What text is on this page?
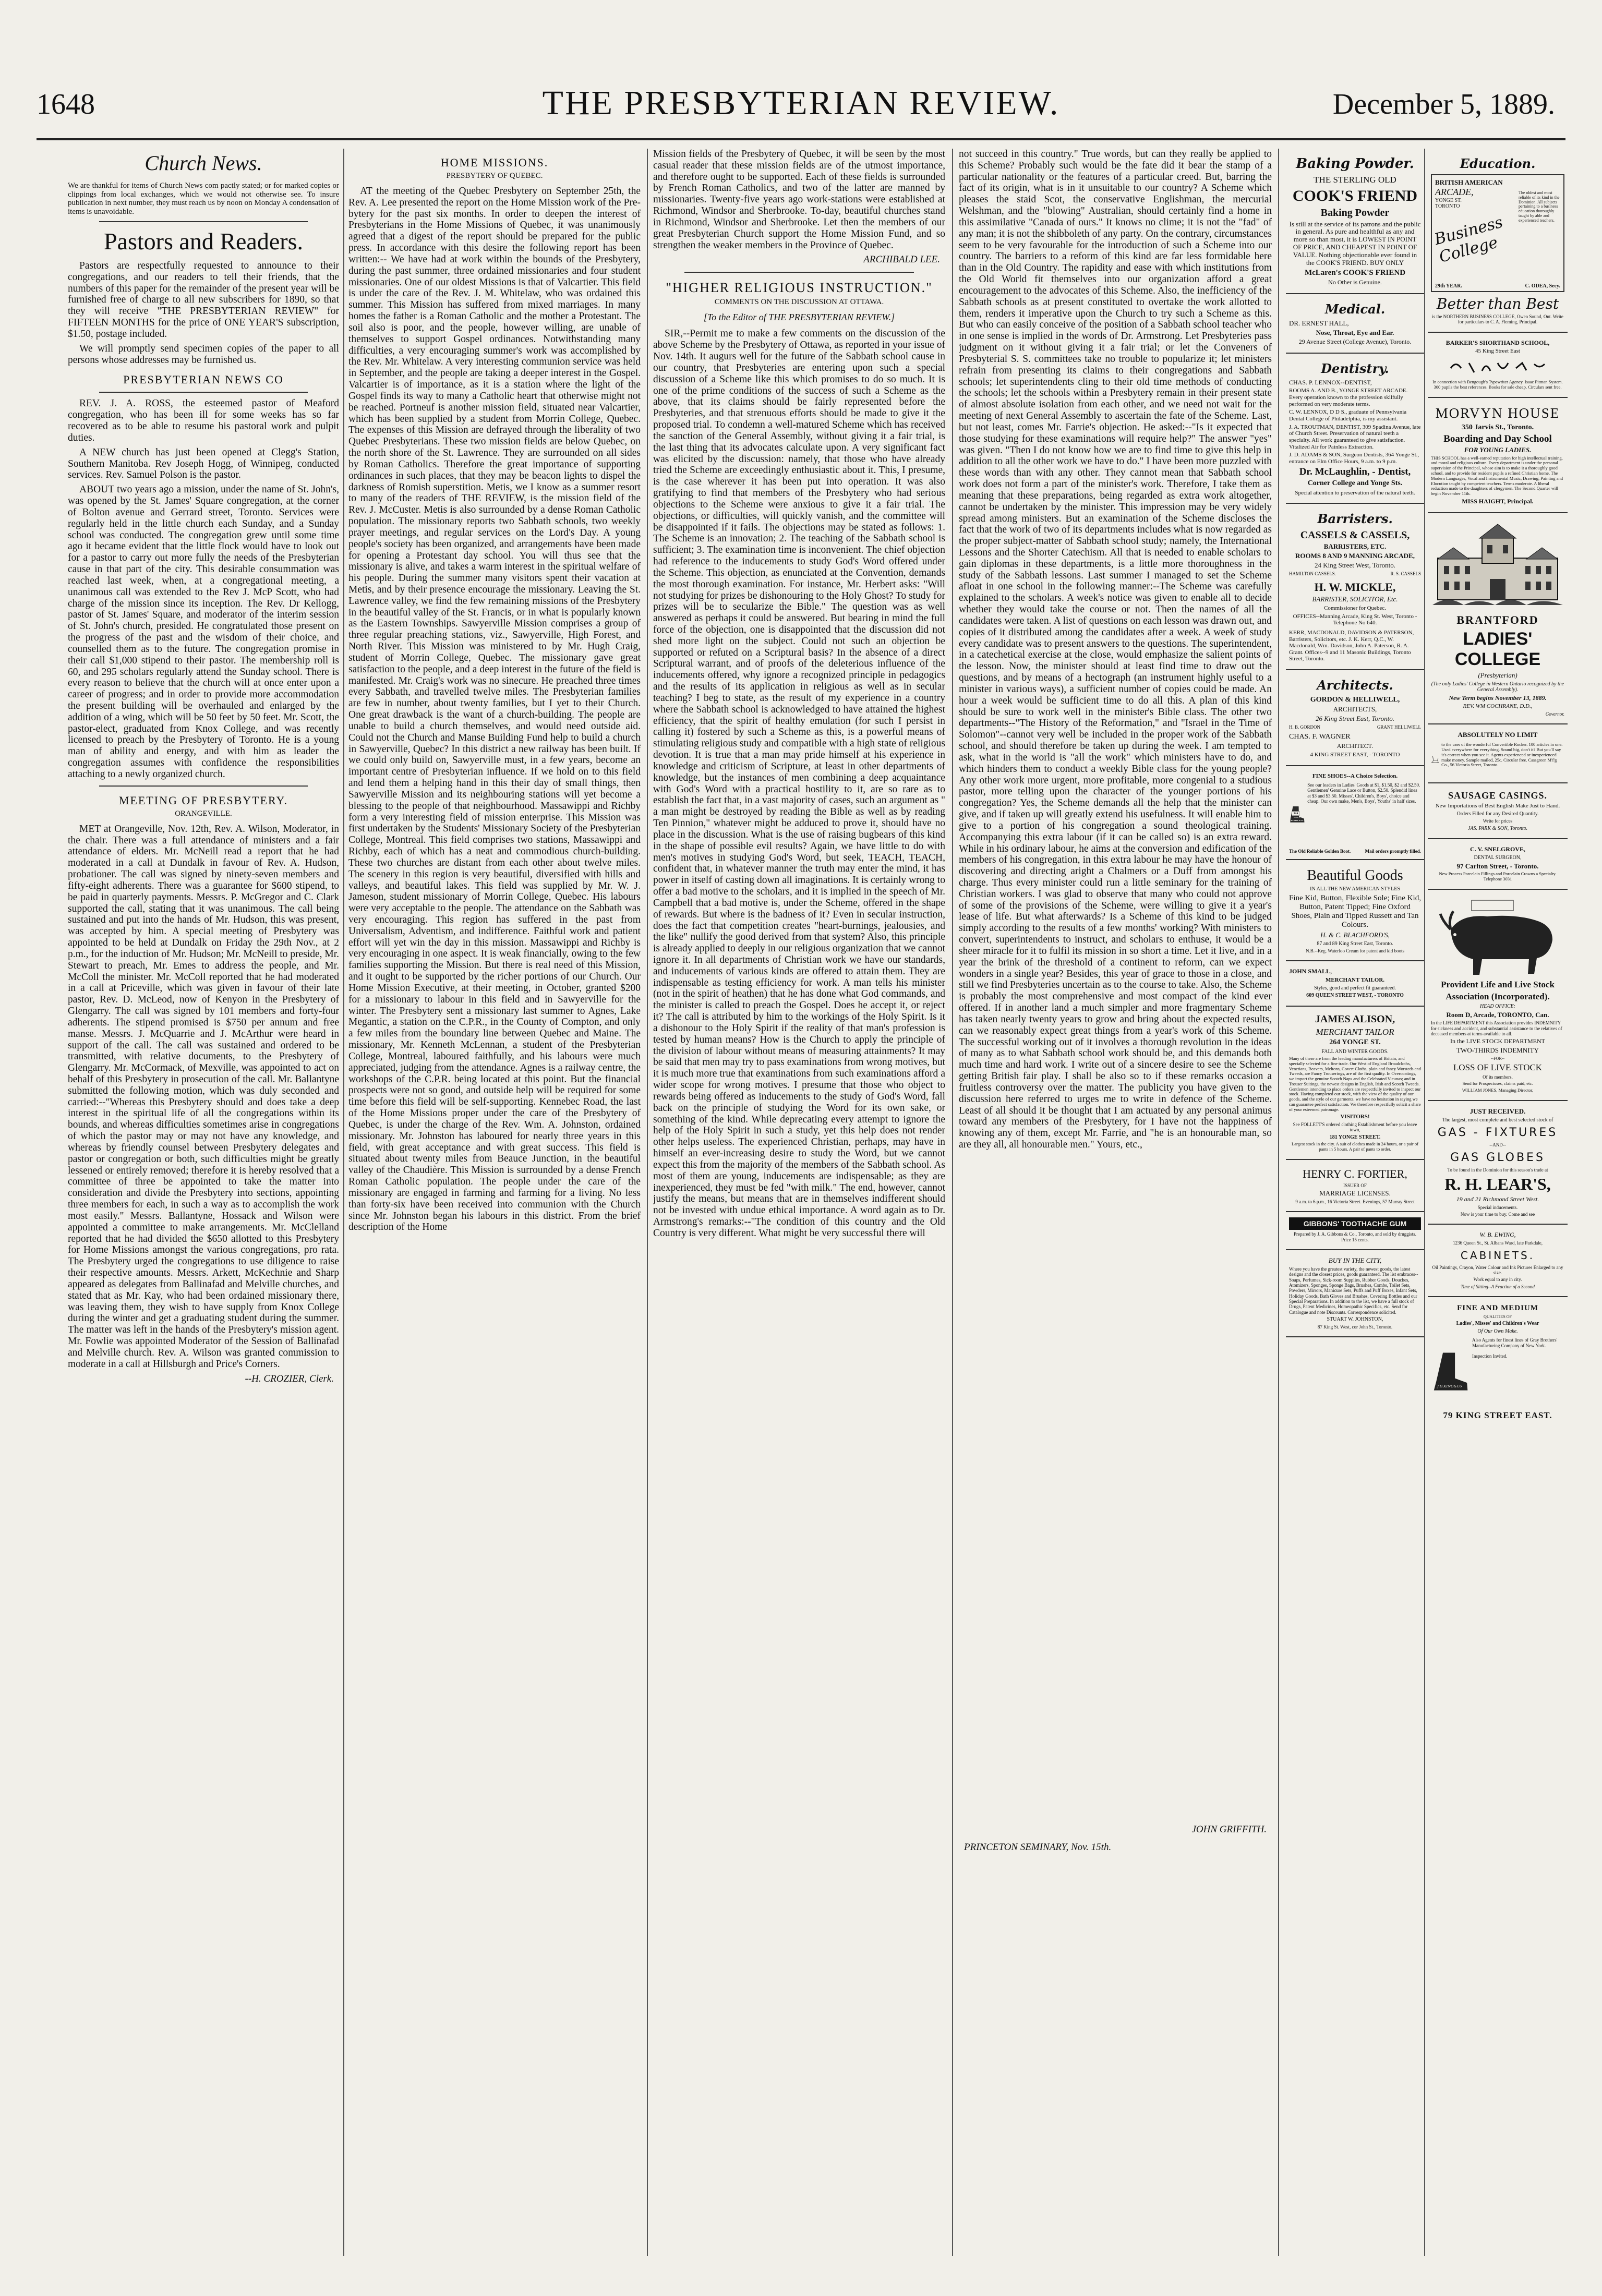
1648	THE PRESBYTERIAN REVIEW.	December 5, 1889.
Church News.

We are thankful for items of Church News com pactly stated; or for marked copies or clippings from local exchanges, which we would not otherwise see. To insure publication in next number, they must reach us by noon on Monday A condensation of items is unavoidable.

Pastors and Readers.

Pastors are respectfully requested to announce to their congregations, and our readers to tell their friends, that the numbers of this paper for the remainder of the present year will be furnished free of charge to all new subscribers for 1890, so that they will receive "THE PRESBYTERIAN REVIEW" for FIFTEEN MONTHS for the price of ONE YEAR'S subscription, $1.50, postage included.

We will promptly send specimen copies of the paper to all persons whose addresses may be furnished us.

PRESBYTERIAN NEWS CO

REV. J. A. ROSS, the esteemed pastor of Meaford congregation, who has been ill for some weeks has so far recovered as to be able to resume his pastoral work and pulpit duties.

A NEW church has just been opened at Clegg's Station, Southern Manitoba. Rev Joseph Hogg, of Winnipeg, conducted services. Rev. Samuel Polson is the pastor.

ABOUT two years ago a mission, under the name of St. John's, was opened by the St. James' Square congregation, at the corner of Bolton avenue and Gerrard street, Toronto. Services were regularly held in the little church each Sunday, and a Sunday school was conducted. The congregation grew until some time ago it became evident that the little flock would have to look out for a pastor to carry out more fully the needs of the Presbyterian cause in that part of the city. This desirable consummation was reached last week, when, at a congregational meeting, a unanimous call was extended to the Rev J. McP Scott, who had charge of the mission since its inception. The Rev. Dr Kellogg, pastor of St. James' Square, and moderator of the interim session of St. John's church, presided. He congratulated those present on the progress of the past and the wisdom of their choice, and counselled them as to the future. The congregation promise in their call $1,000 stipend to their pastor. The membership roll is 60, and 295 scholars regularly attend the Sunday school. There is every reason to believe that the church will at once enter upon a career of progress; and in order to provide more accommodation the present building will be overhauled and enlarged by the addition of a wing, which will be 50 feet by 50 feet. Mr. Scott, the pastor-elect, graduated from Knox College, and was recently licensed to preach by the Presbytery of Toronto. He is a young man of ability and energy, and with him as leader the congregation assumes with confidence the responsibilities attaching to a newly organized church.

MEETING OF PRESBYTERY.
ORANGEVILLE.

MET at Orangeville, Nov. 12th, Rev. A. Wilson, Moderator, in the chair. There was a full attendance of ministers and a fair attendance of elders. Mr. McNeill read a report that he had moderated in a call at Dundalk in favour of Rev. A. Hudson, probationer. The call was signed by ninety-seven members and fifty-eight adherents. There was a guarantee for $600 stipend, to be paid in quarterly payments. Messrs. P. McGregor and C. Clark supported the call, stating that it was unanimous. The call being sustained and put into the hands of Mr. Hudson, this was present, was accepted by him. A special meeting of Presbytery was appointed to be held at Dundalk on Friday the 29th Nov., at 2 p.m., for the induction of Mr. Hudson; Mr. McNeill to preside, Mr. Stewart to preach, Mr. Emes to address the people, and Mr. McColl the minister. Mr. McColl reported that he had moderated in a call at Priceville, which was given in favour of their late pastor, Rev. D. McLeod, now of Kenyon in the Presbytery of Glengarry. The call was signed by 101 members and forty-four adherents. The stipend promised is $750 per annum and free manse. Messrs. J. McQuarrie and J. McArthur were heard in support of the call. The call was sustained and ordered to be transmitted, with relative documents, to the Presbytery of Glengarry. Mr. McCormack, of Mexville, was appointed to act on behalf of this Presbytery in prosecution of the call. Mr. Ballantyne submitted the following motion, which was duly seconded and carried:--"Whereas this Presbytery should and does take a deep interest in the spiritual life of all the congregations within its bounds, and whereas difficulties sometimes arise in congregations of which the pastor may or may not have any knowledge, and whereas by friendly counsel between Presbytery delegates and pastor or congregation or both, such difficulties might be greatly lessened or entirely removed; therefore it is hereby resolved that a committee of three be appointed to take the matter into consideration and divide the Presbytery into sections, appointing three members for each, in such a way as to accomplish the work most easily." Messrs. Ballantyne, Hossack and Wilson were appointed a committee to make arrangements. Mr. McClelland reported that he had divided the $650 allotted to this Presbytery for Home Missions amongst the various congregations, pro rata. The Presbytery urged the congregations to use diligence to raise their respective amounts. Messrs. Arkett, McKechnie and Sharp appeared as delegates from Ballinafad and Melville churches, and stated that as Mr. Kay, who had been ordained missionary there, was leaving them, they wish to have supply from Knox College during the winter and get a graduating student during the summer. The matter was left in the hands of the Presbytery's mission agent. Mr. Fowlie was appointed Moderator of the Session of Ballinafad and Melville church. Rev. A. Wilson was granted commission to moderate in a call at Hillsburgh and Price's Corners.

--H. CROZIER, Clerk.
HOME MISSIONS.
PRESBYTERY OF QUEBEC.

AT the meeting of the Quebec Presbytery on September 25th, the Rev. A. Lee presented the report on the Home Mission work of the Pre-bytery for the past six months. In order to deepen the interest of Presbyterians in the Home Missions of Quebec, it was unanimously agreed that a digest of the report should be prepared for the public press. In accordance with this desire the following report has been written:-- We have had at work within the bounds of the Presbytery, during the past summer, three ordained missionaries and four student missionaries. One of our oldest Missions is that of Valcartier. This field is under the care of the Rev. J. M. Whitelaw, who was ordained this summer. This Mission has suffered from mixed marriages. In many homes the father is a Roman Catholic and the mother a Protestant. The soil also is poor, and the people, however willing, are unable of themselves to support Gospel ordinances. Notwithstanding many difficulties, a very encouraging summer's work was accomplished by the Rev. Mr. Whitelaw. A very interesting communion service was held in September, and the people are taking a deeper interest in the Gospel. Valcartier is of importance, as it is a station where the light of the Gospel finds its way to many a Catholic heart that otherwise might not be reached. Portneuf is another mission field, situated near Valcartier, which has been supplied by a student from Morrin College, Quebec. The expenses of this Mission are defrayed through the liberality of two Quebec Presbyterians. These two mission fields are below Quebec, on the north shore of the St. Lawrence. They are surrounded on all sides by Roman Catholics. Therefore the great importance of supporting ordinances in such places, that they may be beacon lights to dispel the darkness of Romish superstition. Metis, we I know as a summer resort to many of the readers of THE REVIEW, is the mission field of the Rev. J. McCuster. Metis is also surrounded by a dense Roman Catholic population. The missionary reports two Sabbath schools, two weekly prayer meetings, and regular services on the Lord's Day. A young people's society has been organized, and arrangements have been made for opening a Protestant day school. You will thus see that the missionary is alive, and takes a warm interest in the spiritual welfare of his people. During the summer many visitors spent their vacation at Metis, and by their presence encourage the missionary. Leaving the St. Lawrence valley, we find the few remaining missions of the Presbytery in the beautiful valley of the St. Francis, or in what is popularly known as the Eastern Townships. Sawyerville Mission comprises a group of three regular preaching stations, viz., Sawyerville, High Forest, and North River. This Mission was ministered to by Mr. Hugh Craig, student of Morrin College, Quebec. The missionary gave great satisfaction to the people, and a deep interest in the future of the field is manifested. Mr. Craig's work was no sinecure. He preached three times every Sabbath, and travelled twelve miles. The Presbyterian families are few in number, about twenty families, but I yet to their Church. One great drawback is the want of a church-building. The people are unable to build a church themselves, and would need outside aid. Could not the Church and Manse Building Fund help to build a church in Sawyerville, Quebec? In this district a new railway has been built. If we could only build on, Sawyerville must, in a few years, become an important centre of Presbyterian influence. If we hold on to this field and lend them a helping hand in this their day of small things, then Sawyerville Mission and its neighbouring stations will yet become a blessing to the people of that neighbourhood. Massawippi and Richby form a very interesting field of mission enterprise. This Mission was first undertaken by the Students' Missionary Society of the Presbyterian College, Montreal. This field comprises two stations, Massawippi and Richby, each of which has a neat and commodious church-building. These two churches are distant from each other about twelve miles. The scenery in this region is very beautiful, diversified with hills and valleys, and beautiful lakes. This field was supplied by Mr. W. J. Jameson, student missionary of Morrin College, Quebec. His labours were very acceptable to the people. The attendance on the Sabbath was very encouraging. This region has suffered in the past from Universalism, Adventism, and indifference. Faithful work and patient effort will yet win the day in this mission. Massawippi and Richby is very encouraging in one aspect. It is weak financially, owing to the few families supporting the Mission. But there is real need of this Mission, and it ought to be supported by the richer portions of our Church. Our Home Mission Executive, at their meeting, in October, granted $200 for a missionary to labour in this field and in Sawyerville for the winter. The Presbytery sent a missionary last summer to Agnes, Lake Megantic, a station on the C.P.R., in the County of Compton, and only a few miles from the boundary line between Quebec and Maine. The missionary, Mr. Kenneth McLennan, a student of the Presbyterian College, Montreal, laboured faithfully, and his labours were much appreciated, judging from the attendance. Agnes is a railway centre, the workshops of the C.P.R. being located at this point. But the financial prospects were not so good, and outside help will be required for some time before this field will be self-supporting. Kennebec Road, the last of the Home Missions proper under the care of the Presbytery of Quebec, is under the charge of the Rev. Wm. A. Johnston, ordained missionary. Mr. Johnston has laboured for nearly three years in this field, with great acceptance and with great success. This field is situated about twenty miles from Beauce Junction, in the beautiful valley of the Chaudière. This Mission is surrounded by a dense French Roman Catholic population. The people under the care of the missionary are engaged in farming and farming for a living. No less than forty-six have been received into communion with the Church since Mr. Johnston began his labours in this district. From the brief description of the Home

Mission fields of the Presbytery of Quebec, it will be seen by the most casual reader that these mission fields are of the utmost importance, and therefore ought to be supported. Each of these fields is surrounded by French Roman Catholics, and two of the latter are manned by missionaries. Twenty-five years ago work-stations were established at Richmond, Windsor and Sherbrooke. To-day, beautiful churches stand in Richmond, Windsor and Sherbrooke. Let then the members of our great Presbyterian Church support the Home Mission Fund, and so strengthen the weaker members in the Province of Quebec.

ARCHIBALD LEE.
"HIGHER RELIGIOUS INSTRUCTION."
COMMENTS ON THE DISCUSSION AT OTTAWA.
[To the Editor of THE PRESBYTERIAN REVIEW.]

SIR,--Permit me to make a few comments on the discussion of the above Scheme by the Presbytery of Ottawa, as reported in your issue of Nov. 14th. It augurs well for the future of the Sabbath school cause in our country, that Presbyteries are entering upon such a special discussion of a Scheme like this which promises to do so much. It is one of the prime conditions of the success of such a Scheme as the above, that its claims should be fairly represented before the Presbyteries, and that strenuous efforts should be made to give it the proposed trial. To condemn a well-matured Scheme which has received the sanction of the General Assembly, without giving it a fair trial, is the last thing that its advocates calculate upon. A very significant fact was elicited by the discussion: namely, that those who have already tried the Scheme are exceedingly enthusiastic about it. This, I presume, is the case wherever it has been put into operation. It was also gratifying to find that members of the Presbytery who had serious objections to the Scheme were anxious to give it a fair trial. The objections, or difficulties, will quickly vanish, and the committee will be disappointed if it fails. The objections may be stated as follows: 1. The Scheme is an innovation; 2. The teaching of the Sabbath school is sufficient; 3. The examination time is inconvenient. The chief objection had reference to the inducements to study God's Word offered under the Scheme. This objection, as enunciated at the Convention, demands the most thorough examination. For instance, Mr. Herbert asks: "Will not studying for prizes be dishonouring to the Holy Ghost? To study for prizes will be to secularize the Bible." The question was as well answered as perhaps it could be answered. But bearing in mind the full force of the objection, one is disappointed that the discussion did not shed more light on the subject. Could not such an objection be supported or refuted on a Scriptural basis? In the absence of a direct Scriptural warrant, and of proofs of the deleterious influence of the inducements offered, why ignore a recognized principle in pedagogics and the results of its application in religious as well as in secular teaching? I beg to state, as the result of my experience in a country where the Sabbath school is acknowledged to have attained the highest efficiency, that the spirit of healthy emulation (for such I persist in calling it) fostered by such a Scheme as this, is a powerful means of stimulating religious study and compatible with a high state of religious devotion. It is true that a man may pride himself at his experience in knowledge and criticism of Scripture, at least in other departments of knowledge, but the instances of men combining a deep acquaintance with God's Word with a practical hostility to it, are so rare as to establish the fact that, in a vast majority of cases, such an argument as " a man might be destroyed by reading the Bible as well as by reading Ten Pinnion," whatever might be adduced to prove it, should have no place in the discussion. What is the use of raising bugbears of this kind in the shape of possible evil results? Again, we have little to do with men's motives in studying God's Word, but seek, TEACH, TEACH, confident that, in whatever manner the truth may enter the mind, it has power in itself of casting down all imaginations. It is certainly wrong to offer a bad motive to the scholars, and it is implied in the speech of Mr. Campbell that a bad motive is, under the Scheme, offered in the shape of rewards. But where is the badness of it? Even in secular instruction, does the fact that competition creates "heart-burnings, jealousies, and the like" nullify the good derived from that system? Also, this principle is already applied to deeply in our religious organization that we cannot ignore it. In all departments of Christian work we have our standards, and inducements of various kinds are offered to attain them. They are indispensable as testing efficiency for work. A man tells his minister (not in the spirit of heathen) that he has done what God commands, and the minister is called to preach the Gospel. Does he accept it, or reject it? The call is attributed by him to the workings of the Holy Spirit. Is it a dishonour to the Holy Spirit if the reality of that man's profession is tested by human means? How is the Church to apply the principle of the division of labour without means of measuring attainments? It may be said that men may try to pass examinations from wrong motives, but it is much more true that examinations from such examinations afford a wider scope for wrong motives. I presume that those who object to rewards being offered as inducements to the study of God's Word, fall back on the principle of studying the Word for its own sake, or something of the kind. While deprecating every attempt to ignore the help of the Holy Spirit in such a study, yet this help does not render other helps useless. The experienced Christian, perhaps, may have in himself an ever-increasing desire to study the Word, but we cannot expect this from the majority of the members of the Sabbath school. As most of them are young, inducements are indispensable; as they are inexperienced, they must be fed "with milk." The end, however, cannot justify the means, but means that are in themselves indifferent should not be invested with undue ethical importance. A word again as to Dr. Armstrong's remarks:--"The condition of this country and the Old Country is very different. What might be very successful there will

not succeed in this country." True words, but can they really be applied to this Scheme? Probably such would be the fate did it bear the stamp of a particular nationality or the features of a particular creed. But, barring the fact of its origin, what is in it unsuitable to our country? A Scheme which pleases the staid Scot, the conservative Englishman, the mercurial Welshman, and the "blowing" Australian, should certainly find a home in this assimilative "Canada of ours." It knows no clime; it is not the "fad" of any man; it is not the shibboleth of any party. On the contrary, circumstances seem to be very favourable for the introduction of such a Scheme into our country. The barriers to a reform of this kind are far less formidable here than in the Old Country. The rapidity and ease with which institutions from the Old World fit themselves into our organization afford a great encouragement to the advocates of this Scheme. Also, the inefficiency of the Sabbath schools as at present constituted to overtake the work allotted to them, renders it imperative upon the Church to try such a Scheme as this. But who can easily conceive of the position of a Sabbath school teacher who in one sense is implied in the words of Dr. Armstrong. Let Presbyteries pass judgment on it without giving it a fair trial; or let the Conveners of Presbyterial S. S. committees take no trouble to popularize it; let ministers refrain from presenting its claims to their congregations and Sabbath schools; let superintendents cling to their old time methods of conducting the schools; let the schools within a Presbytery remain in their present state of almost absolute isolation from each other, and we need not wait for the meeting of next General Assembly to ascertain the fate of the Scheme. Last, but not least, comes Mr. Farrie's objection. He asked:--"Is it expected that those studying for these examinations will require help?" The answer "yes" was given. "Then I do not know how we are to find time to give this help in addition to all the other work we have to do." I have been more puzzled with these words than with any other. They cannot mean that Sabbath school work does not form a part of the minister's work. Therefore, I take them as meaning that these preparations, being regarded as extra work altogether, cannot be undertaken by the minister. This impression may be very widely spread among ministers. But an examination of the Scheme discloses the fact that the work of two of its departments includes what is now regarded as the proper subject-matter of Sabbath school study; namely, the International Lessons and the Shorter Catechism. All that is needed to enable scholars to gain diplomas in these departments, is a little more thoroughness in the study of the Sabbath lessons. Last summer I managed to set the Scheme afloat in one school in the following manner:--The Scheme was carefully explained to the scholars. A week's notice was given to enable all to decide whether they would take the course or not. Then the names of all the candidates were taken. A list of questions on each lesson was drawn out, and copies of it distributed among the candidates after a week. A week of study every candidate was to present answers to the questions. The superintendent, in a catechetical exercise at the close, would emphasize the salient points of the lesson. Now, the minister should at least find time to draw out the questions, and by means of a hectograph (an instrument highly useful to a minister in various ways), a sufficient number of copies could be made. An hour a week would be sufficient time to do all this. A plan of this kind should be sure to work well in the minister's Bible class. The other two departments--"The History of the Reformation," and "Israel in the Time of Solomon"--cannot very well be included in the proper work of the Sabbath school, and should therefore be taken up during the week. I am tempted to ask, what in the world is "all the work" which ministers have to do, and which hinders them to conduct a weekly Bible class for the young people? Any other work more urgent, more profitable, more congenial to a studious pastor, more telling upon the character of the younger portions of his congregation? Yes, the Scheme demands all the help that the minister can give, and if taken up will greatly extend his usefulness. It will enable him to give to a portion of his congregation a sound theological training. Accompanying this extra labour (if it can be called so) is an extra reward. While in his ordinary labour, he aims at the conversion and edification of the members of his congregation, in this extra labour he may have the honour of discovering and directing aright a Chalmers or a Duff from amongst his charge. Thus every minister could run a little seminary for the training of Christian workers. I was glad to observe that many who could not approve of some of the provisions of the Scheme, were willing to give it a year's lease of life. But what afterwards? Is a Scheme of this kind to be judged simply according to the results of a few months' working? With ministers to convert, superintendents to instruct, and scholars to enthuse, it would be a sheer miracle for it to fulfil its mission in so short a time. Let it live, and in a year the brink of the threshold of a continent to reform, can we expect wonders in a single year? Besides, this year of grace to those in a close, and still we find Presbyteries uncertain as to the course to take. Also, the Scheme is probably the most comprehensive and most compact of the kind ever offered. If in another land a much simpler and more fragmentary Scheme has taken nearly twenty years to grow and bring about the expected results, can we reasonably expect great things from a year's work of this Scheme. The successful working out of it involves a thorough revolution in the ideas of many as to what Sabbath school work should be, and this demands both much time and hard work. I write out of a sincere desire to see the Scheme getting British fair play. I shall be also so to if these remarks occasion a fruitless controversy over the matter. The publicity you have given to the discussion here referred to urges me to write in defence of the Scheme. Least of all should it be thought that I am actuated by any personal animus toward any members of the Presbytery, for I have not the happiness of knowing any of them, except Mr. Farrie, and "he is an honourable man, so are they all, all honourable men." Yours, etc.,

JOHN GRIFFITH.
PRINCETON SEMINARY, Nov. 15th.
Baking Powder.
THE STERLING OLD
COOK'S FRIEND
Baking Powder
Is still at the service of its patrons and the public in general. As pure and healthful as any and more so than most, it is LOWEST IN POINT OF PRICE, AND CHEAPEST IN POINT OF VALUE. Nothing objectionable ever found in the COOK'S FRIEND. BUY ONLY
McLaren's COOK'S FRIEND
No Other is Genuine.
Medical.
DR. ERNEST HALL,
Nose, Throat, Eye and Ear.
29 Avenue Street (College Avenue), Toronto.
Dentistry.
CHAS. P. LENNOX--DENTIST,
ROOMS A. AND B., YONGE STREET ARCADE. Every operation known to the profession skilfully performed on very moderate terms.
C. W. LENNOX, D D S., graduate of Pennsylvania Dental College of Philadelphia, is my assistant.
J. A. TROUTMAN, DENTIST, 309 Spadina Avenue, late of Church Street. Preservation of natural teeth a specialty. All work guaranteed to give satisfaction. Vitalized Air for Painless Extraction.
J. D. ADAMS & SON, Surgeon Dentists, 364 Yonge St., entrance on Elm Office Hours, 9 a.m. to 9 p.m.
Dr. McLaughlin, - Dentist,
Corner College and Yonge Sts.
Special attention to preservation of the natural teeth.
Barristers.
CASSELS & CASSELS,
BARRISTERS, ETC.
ROOMS 8 AND 9 MANNING ARCADE,
24 King Street West, Toronto.
HAMILTON CASSELS.	R. S. CASSELS
H. W. MICKLE,
BARRISTER, SOLICITOR, Etc.
Commissioner for Quebec.
OFFICES--Manning Arcade, King St. West, Toronto - Telephone No 640.
KERR, MACDONALD, DAVIDSON & PATERSON, Barristers, Solicitors, etc. J. K. Kerr, Q.C., W. Macdonald, Wm. Davidson, John A. Paterson, R. A. Grant. Offices--9 and 11 Masonic Buildings, Toronto Street, Toronto.
Architects.
GORDON & HELLIWELL,
ARCHITECTS,
26 King Street East, Toronto.
H. B. GORDON	GRANT HELLIWELL
CHAS. F. WAGNER
ARCHITECT.
4 KING STREET EAST, - TORONTO
FINE SHOES--A Choice Selection.
246
YONGE ST
W. WEST & CO.
See our leaders in Ladies' Goods at $1, $1.50, $2 and $2.50. Gentlemen' Genuine Lace or Button, $2.50. Splendid lines at $3 and $3.50. Misses', Children's, Boys', choice and cheap. Our own make, Men's, Boys', Youths' in half sizes.
The Old Reliable Golden Boot.	Mail orders promptly filled.
Beautiful Goods
IN ALL THE NEW AMERICAN STYLES
Fine Kid, Button, Flexible Sole; Fine Kid, Button, Patent Tipped; Fine Oxford Shoes, Plain and Tipped Russett and Tan Colours.
H. & C. BLACHFORD'S,
87 and 89 King Street East, Toronto.
N.B.--Keg. Waterloo Cream for patent and kid boots
JOHN SMALL,
MERCHANT TAILOR.
Styles, good and perfect fit guaranteed.
609 QUEEN STREET WEST, - TORONTO
JAMES ALISON,
MERCHANT TAILOR
264 YONGE ST.
FALL AND WINTER GOODS.
Many of these are from the leading manufacturers of Britain, and specially selected for a fine trade. Our West of England Broadcloths, Venetians, Beavers, Meltons, Covert Cloths, plain and fancy Worsteds and Tweeds, are Fancy Trouserings, are of the first quality. In Overcoatings, we import the genuine Scotch Naps and the Celebrated Vicunas; and in Trouser Suitings, the newest designs in English, Irish and Scotch Tweeds. Gentlemen intending to place orders are respectfully invited to inspect our stock. Having completed our stock, with the view of the quality of our goods, and the style of our garments, we have no hesitation in saying we can guarantee perfect satisfaction. We therefore respectfully solicit a share of your esteemed patronage.
VISITORS!
See FOLLETT'S ordered clothing Establishment before you leave town,
181 YONGE STREET.
Largest stock in the city. A suit of clothes made in 24 hours, or a pair of pants in 5 hours. A pair of pants to order.
HENRY C. FORTIER,
ISSUER OF
MARRIAGE LICENSES.
9 a.m. to 6 p.m., 16 Victoria Street. Evenings, 57 Murray Street
GIBBONS' TOOTHACHE GUM
Prepared by J. A. Gibbons & Co., Toronto, and sold by druggists. Price 15 cents.
BUY IN THE CITY,
Where you have the greatest variety, the newest goods, the latest designs and the closest prices, goods guaranteed. The list embraces--Soaps, Perfumes, Sick-room Supplies, Rubber Goods, Douches, Atomizers, Sponges, Sponge Bags, Brushes, Combs, Toilet Sets, Powders, Mirrors, Manicure Sets, Puffs and Puff Boxes, Infant Sets, Holiday Goods, Bath Gloves and Brushes, Covering Bottles and our Special Preparations. In addition to the list, we have a full stock of Drugs, Patent Medicines, Homeopathic Specifics, etc. Send for Catalogue and note Discounts. Correspondence solicited.
STUART W. JOHNSTON,
87 King St. West, cor John St., Toronto.
Education.
BRITISH AMERICAN
ARCADE,
YONGE ST.
TORONTO
Business College
The oldest and most reliable of its kind in the Dominion. All subjects pertaining to a business education thoroughly taught by able and experienced teachers.
29th YEAR.	C. ODEA, Secy.
Better than Best
is the NORTHERN BUSINESS COLLEGE, Owen Sound, Ont. Write for particulars to C. A. Fleming, Principal.
BARKER'S SHORTHAND SCHOOL,
45 King Street East
In connection with Bengough's Typewriter Agency. Isaac Pitman System. 300 pupils the best references. Books for sale cheap. Circulars sent free.
MORVYN HOUSE
350 Jarvis St., Toronto.
Boarding and Day School
FOR YOUNG LADIES.
THIS SCHOOL has a well-earned reputation for high intellectual training, and moral and religious culture. Every department is under the personal supervision of the Principal, whose aim is to make it a thoroughly good school, and to provide for resident pupils a refined Christian home. The Modern Languages, Vocal and Instrumental Music, Drawing, Painting and Elocution taught by competent teachers. Terms moderate. A liberal reduction made to the daughters of clergymen. The Second Quarter will begin November 11th.
MISS HAIGHT, Principal.
BRANTFORD
LADIES' COLLEGE
(Presbyterian)
(The only Ladies' College in Western Ontario recognized by the General Assembly).
New Term begins November 13, 1889.
REV. WM COCHRANE, D.D.,
Governor.
ABSOLUTELY NO LIMIT
to the uses of the wonderful Convertible Rocker. 100 articles in one. Used everywhere for everything. Sound big, don't it? But you'll say it's correct when you see it. Agents experienced or inexperienced make money. Sample mailed, 25c. Circular free. Cassgreen M'f'g Co., 56 Victoria Street, Toronto.
SAUSAGE CASINGS.
New Importations of Best English Make Just to Hand.
Orders Filled for any Desired Quantity.
Write for prices
JAS. PARK & SON, Toronto.
C. V. SNELGROVE,
DENTAL SURGEON,
97 Carlton Street, - Toronto.
New Process Porcelain Fillings and Porcelain Crowns a Specialty. Telephone 3031
Provident Life and Live Stock
Association (Incorporated).
HEAD OFFICE:
Room D, Arcade, TORONTO, Can.
In the LIFE DEPARTMENT this Association provides INDEMNITY for sickness and accident, and substantial assistance to the relatives of deceased members at terms available to all.
In the LIVE STOCK DEPARTMENT
TWO-THIRDS INDEMNITY
--FOR--
LOSS OF LIVE STOCK
Of its members.
Send for Prospectuses, claims paid, etc.
WILLIAM JONES, Managing Director,
JUST RECEIVED.
The largest, most complete and best selected stock of
GAS - FIXTURES
--AND--
GAS GLOBES
To be found in the Dominion for this season's trade at
R. H. LEAR'S,
19 and 21 Richmond Street West.
Special inducements.
Now is your time to buy. Come and see
W. B. EWING,
1236 Queen St., St. Albans Ward, late Parkdale,
CABINETS.
Oil Paintings, Crayon, Water Colour and Ink Pictures Enlarged to any size.
Work equal to any in city.
Time of Sitting--A Fraction of a Second
FINE AND MEDIUM
QUALITIES OF
Ladies', Misses' and Children's Wear
Of Our Own Make.
J.D.KING&Co
Also Agents for finest lines of Gray Brothers' Manufacturing Company of New York.
Inspection Invited.
79 KING STREET EAST.
